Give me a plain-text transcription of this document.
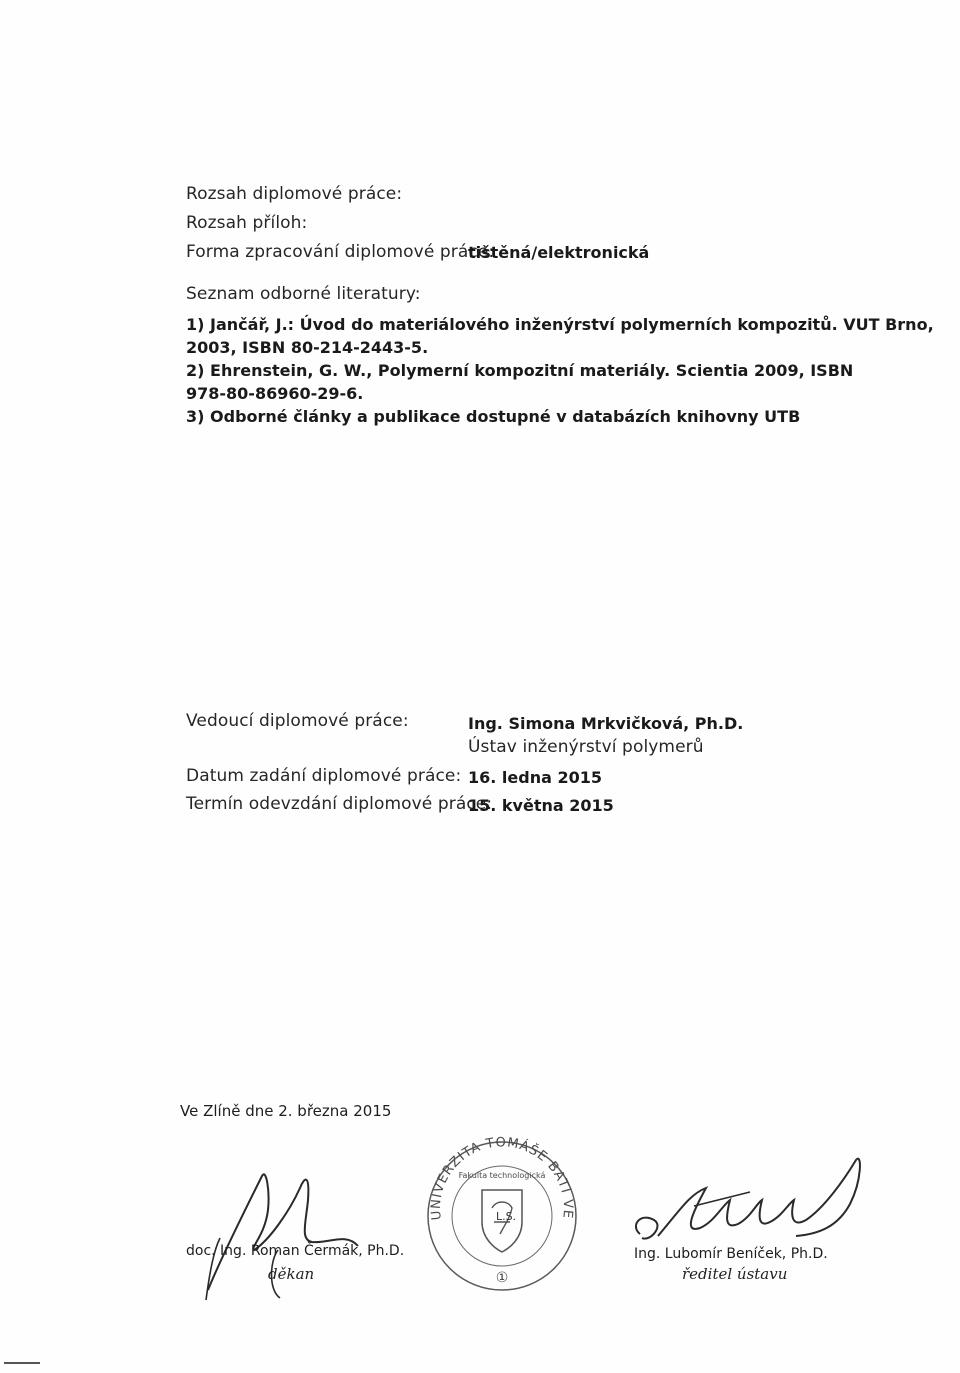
Rozsah diplomové práce:
Rozsah příloh:
Forma zpracování diplomové práce:
tištěná/elektronická
Seznam odborné literatury:
1) Jančář, J.: Úvod do materiálového inženýrství polymerních kompozitů. VUT Brno,
2003, ISBN 80-214-2443-5.
2) Ehrenstein, G. W., Polymerní kompozitní materiály. Scientia 2009, ISBN
978-80-86960-29-6.
3) Odborné články a publikace dostupné v databázích knihovny UTB
Vedoucí diplomové práce:	Ing. Simona Mrkvičková, Ph.D.
Ústav inženýrství polymerů
Datum zadání diplomové práce: 16. ledna 2015
Termín odevzdání diplomové práce:
15. května 2015
Ve Zlíně dne 2. března 2015
doc. Ing. Roman Čermák, Ph.D.
děkan
UNIVERZITA TOMÁŠE BATI VE ZLÍNĚ
Fakulta technologická
L.S.
①
Ing. Lubomír Beníček, Ph.D.
ředitel ústavu
